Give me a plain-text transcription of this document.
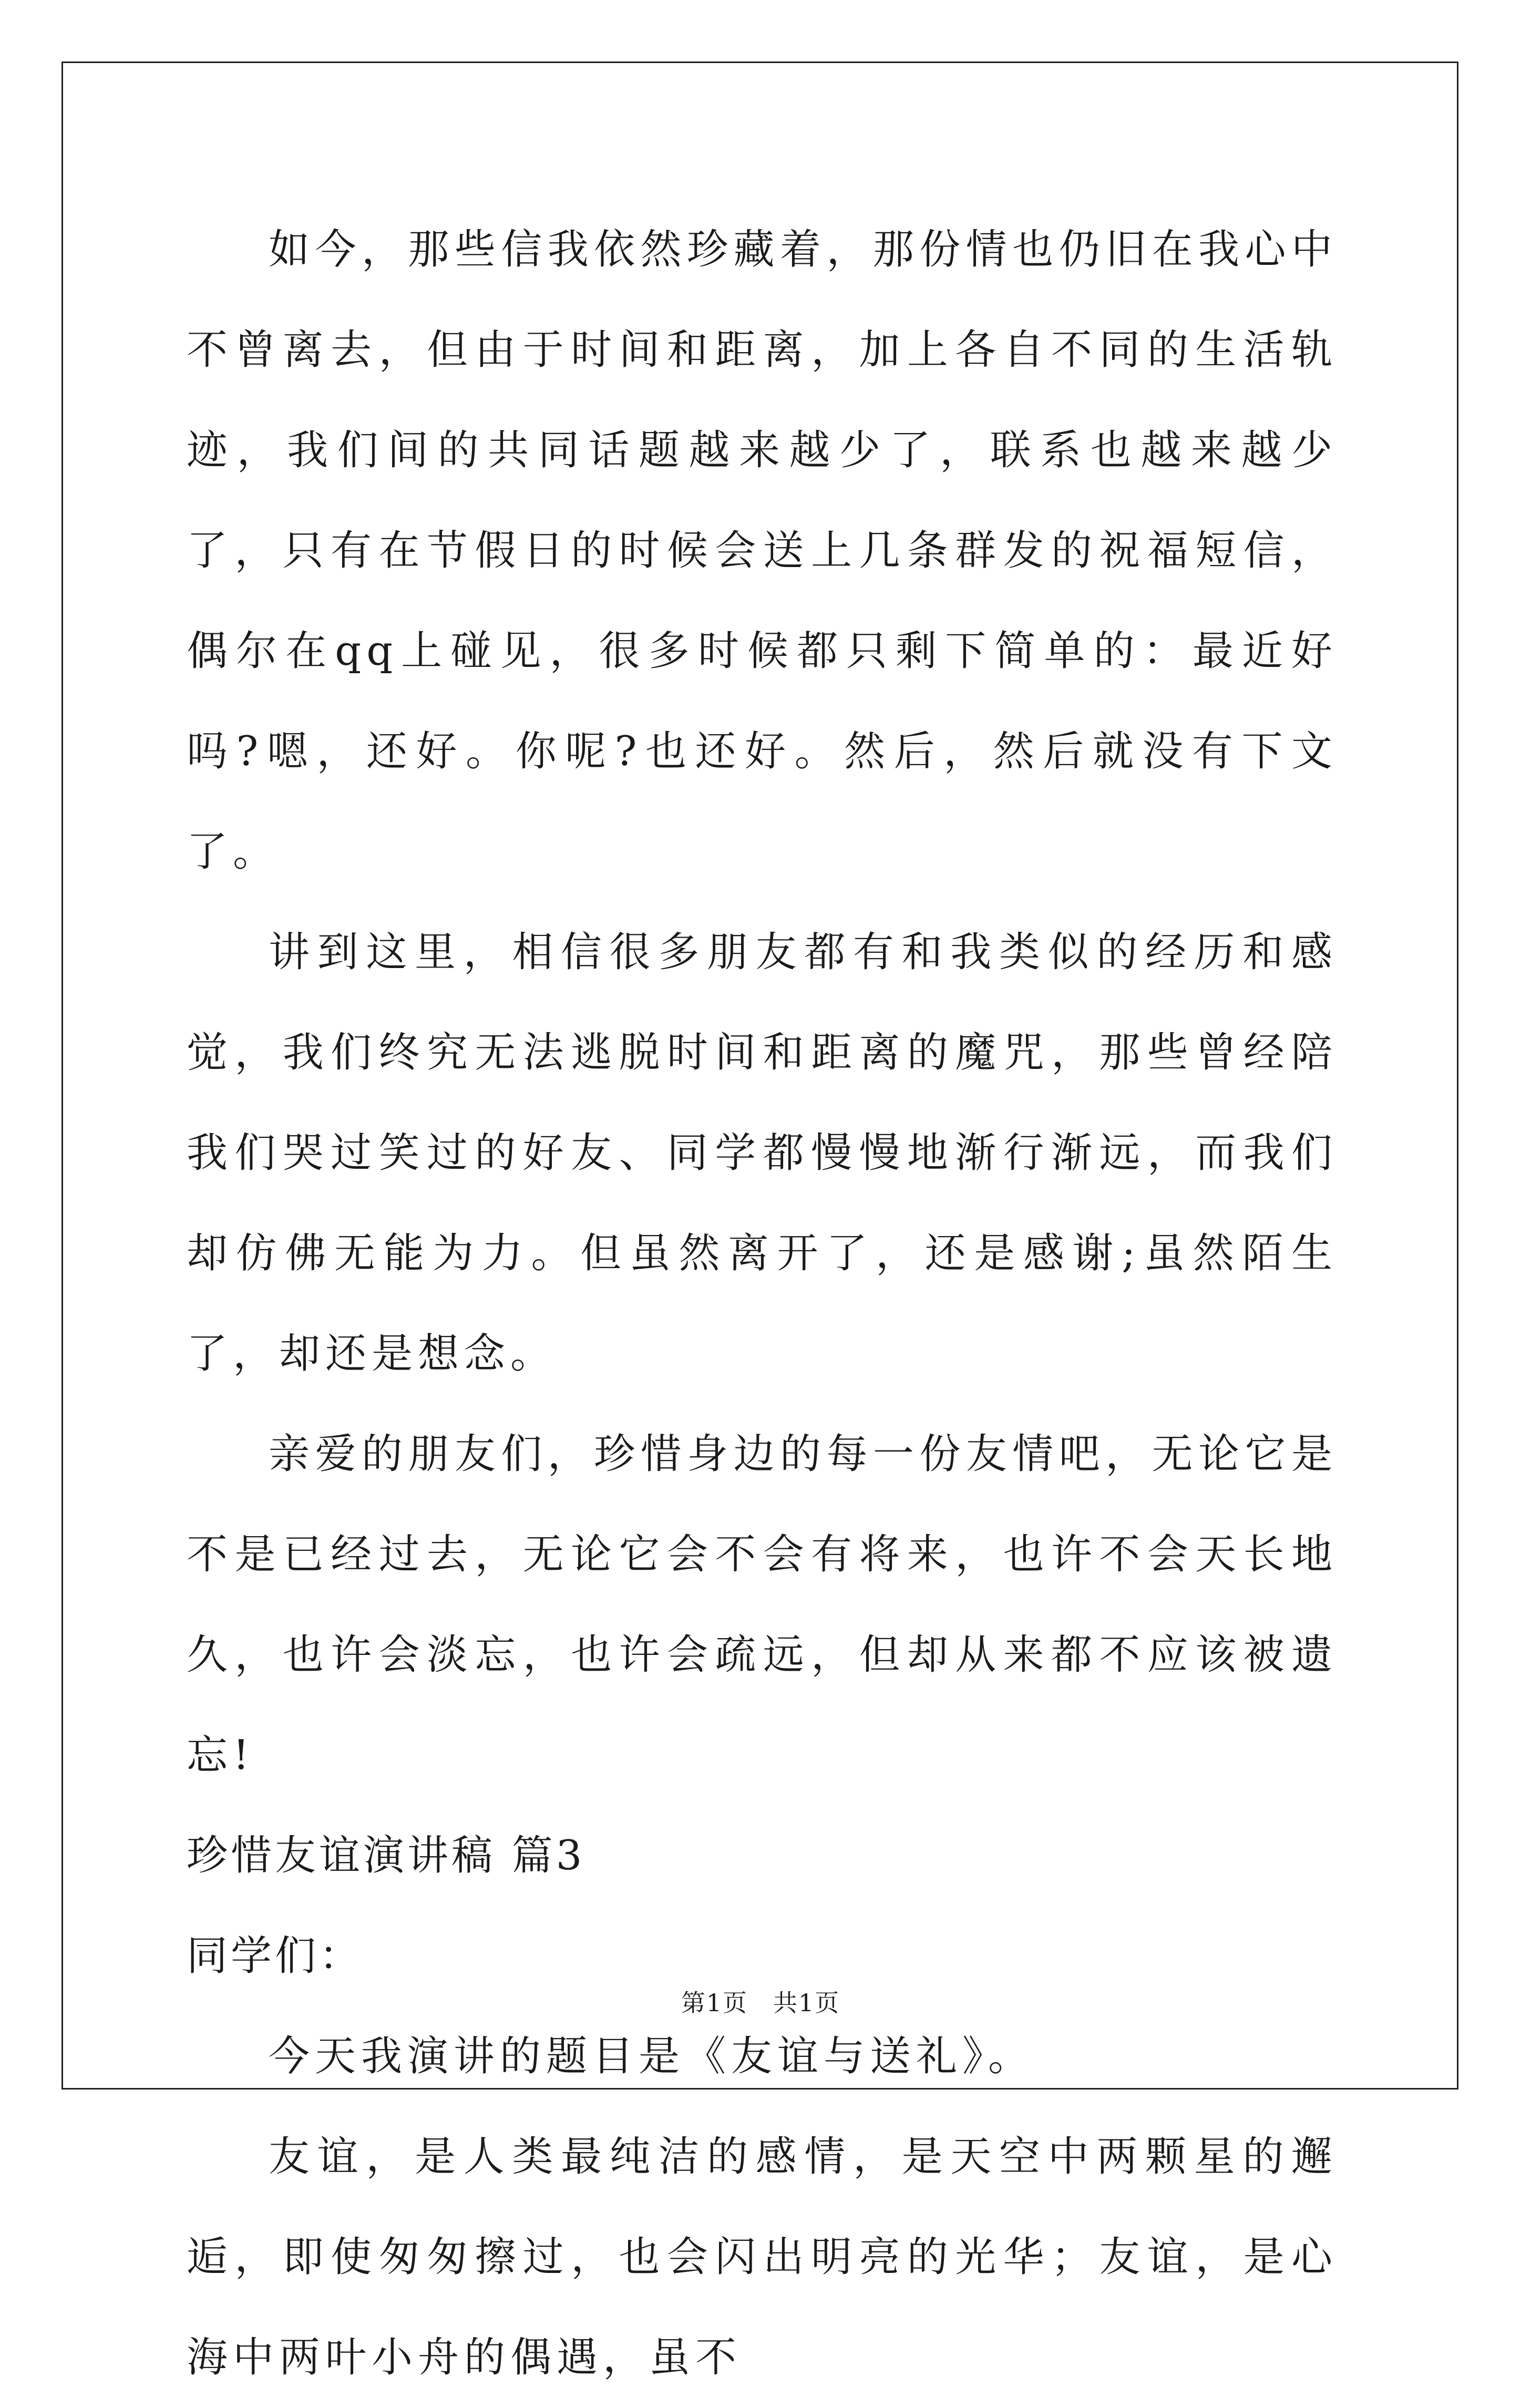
如今，那些信我依然珍藏着，那份情也仍旧在我心中不曾离去，但由于时间和距离，加上各自不同的生活轨迹，我们间的共同话题越来越少了，联系也越来越少了，只有在节假日的时候会送上几条群发的祝福短信，偶尔在qq上碰见，很多时候都只剩下简单的：最近好吗?嗯，还好。你呢?也还好。然后，然后就没有下文了。

讲到这里，相信很多朋友都有和我类似的经历和感觉，我们终究无法逃脱时间和距离的魔咒，那些曾经陪我们哭过笑过的好友、同学都慢慢地渐行渐远，而我们却仿佛无能为力。但虽然离开了，还是感谢;虽然陌生了，却还是想念。

亲爱的朋友们，珍惜身边的每一份友情吧，无论它是不是已经过去，无论它会不会有将来，也许不会天长地久，也许会淡忘，也许会疏远，但却从来都不应该被遗忘!

珍惜友谊演讲稿 篇3

同学们：

今天我演讲的题目是《友谊与送礼》。

友谊，是人类最纯洁的感情，是天空中两颗星的邂逅，即使匆匆擦过，也会闪出明亮的光华；友谊，是心海中两叶小舟的偶遇，虽不

第1页 共1页
